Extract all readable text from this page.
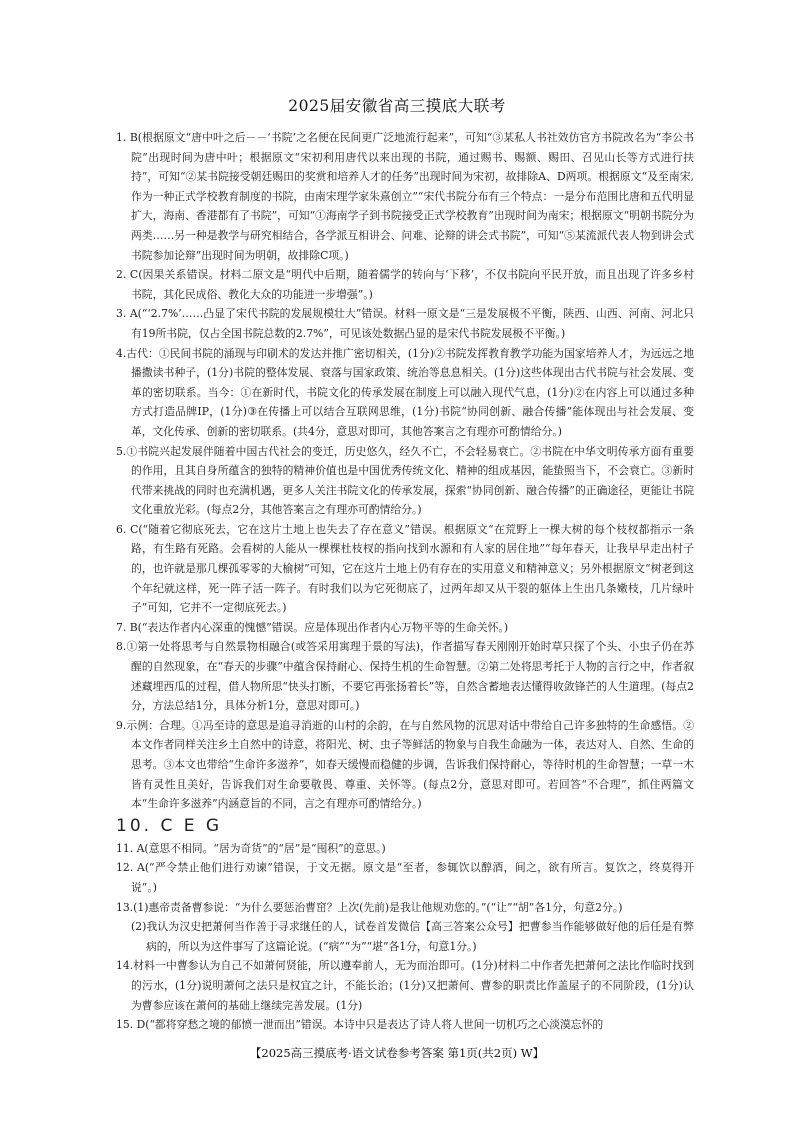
2025届安徽省高三摸底大联考

1. B(根据原文“唐中叶之后－－‘书院’之名便在民间更广泛地流行起来”，可知“③某私人书社效仿官方书院改名为“李公书院”出现时间为唐中叶；根据原文“宋初利用唐代以来出现的书院，通过赐书、赐额、赐田、召见山长等方式进行扶持”，可知“②某书院接受朝廷赐田的奖赏和培养人才的任务”出现时间为宋初，故排除A、D两项。根据原文“及至南宋,作为一种正式学校教育制度的书院，由南宋理学家朱熹创立”“宋代书院分布有三个特点：一是分布范围比唐和五代明显扩大，海南、香港都有了书院”，可知“①海南学子到书院接受正式学校教育”出现时间为南宋；根据原文“明朝书院分为两类……另一种是教学与研究相结合，各学派互相讲会、问难、论辩的讲会式书院”，可知“⑤某流派代表人物到讲会式书院参加论辩”出现时间为明朝，故排除C项。)

2. C(因果关系错误。材料二原文是“明代中后期，随着儒学的转向与‘下移’，不仅书院向平民开放，而且出现了许多乡村书院，其化民成俗、教化大众的功能进一步增强”。)

3. A(“‘2.7%’……凸显了宋代书院的发展规模壮大”错误。材料一原文是“三是发展极不平衡，陕西、山西、河南、河北只有19所书院，仅占全国书院总数的2.7%”，可见该处数据凸显的是宋代书院发展极不平衡。)

4.古代：①民间书院的涌现与印刷术的发达并推广密切相关，(1分)②书院发挥教育教学功能为国家培养人才，为远远之地播撒读书种子，(1分)书院的整体发展、衰落与国家政策、统治等息息相关。(1分)这些体现出古代书院与社会发展、变革的密切联系。当今：①在新时代，书院文化的传承发展在制度上可以融入现代气息，(1分)②在内容上可以通过多种方式打造品牌IP，(1分)③在传播上可以结合互联网思维，(1分)书院“协同创新、融合传播”能体现出与社会发展、变革，文化传承、创新的密切联系。(共4分，意思对即可，其他答案言之有理亦可酌情给分。)

5.①书院兴起发展伴随着中国古代社会的变迁，历史悠久，经久不亡，不会轻易衰亡。②书院在中华文明传承方面有重要的作用，且其自身所蕴含的独特的精神价值也是中国优秀传统文化、精神的组成基因，能蛰照当下，不会衰亡。③新时代带来挑战的同时也充满机遇，更多人关注书院文化的传承发展，探索“协同创新、融合传播”的正确途径，更能让书院文化重放光彩。(每点2分，其他答案言之有理亦可酌情给分。)

6. C(“随着它彻底死去，它在这片土地上也失去了存在意义”错误。根据原文“在荒野上一棵大树的每个枝杈都指示一条路，有生路有死路。会看树的人能从一棵棵杜枝杈的指向找到水源和有人家的居住地”“每年春天，让我早早走出村子的，也许就是那几棵孤零零的大榆树”可知，它在这片土地上仍有存在的实用意义和精神意义；另外根据原文“树老到这个年纪就这样，死一阵子活一阵子。有时我们以为它死彻底了，过两年却又从干裂的躯体上生出几条嫩枝，几片绿叶子”可知，它并不一定彻底死去。)

7. B(“表达作者内心深重的愧憾”错误。应是体现出作者内心万物平等的生命关怀。)

8.①第一处将思考与自然景物相融合(或答采用寓理于景的写法)，作者描写春天刚刚开始时草只探了个头、小虫子仍在苏醒的自然现象，在“春天的步骤”中蕴含保持耐心、保持生机的生命智慧。②第二处将思考托于人物的言行之中，作者叙述藏埋西瓜的过程，借人物所思“快头打断，不要它再张扬着长”等，自然含蓄地表达懂得收敛锋芒的人生道理。(每点2分，方法总结1分，具体分析1分，意思对即可。)

9.示例：合理。①冯至诗的意思是追寻消逝的山村的余韵，在与自然风物的沉思对话中带给自己许多独特的生命感悟。②本文作者同样关注乡土自然中的诗意，将阳光、树、虫子等鲜活的物象与自我生命融为一体，表达对人、自然、生命的思考。③本文也带给“生命许多滋养”，如春天缓慢而稳健的步调，告诉我们保持耐心，等待时机的生命智慧；一草一木皆有灵性且美好，告诉我们对生命要敬畏、尊重、关怀等。(每点2分，意思对即可。若回答“不合理”，抓住两篇文本“生命许多滋养”内涵意旨的不同，言之有理亦可酌情给分。)

10. C E G

11. A(意思不相同。“居为奇货”的“居”是“囤积”的意思。)

12. A(“严令禁止他们进行劝谏”错误，于文无据。原文是“至者，参辄饮以醇酒，间之，欲有所言。复饮之，终莫得开说”。)

13.(1)惠帝责备曹参说：“为什么要惩治曹窋？上次(先前)是我让他规劝您的。”(“让”“胡”各1分，句意2分。)

(2)我认为汉史把萧何当作善于寻求继任的人，试卷首发微信【高三答案公众号】把曹参当作能够做好他的后任是有弊病的，所以为这件事写了这篇论说。(“病”“为”“堪”各1分，句意1分。)

14.材料一中曹参认为自己不如萧何贤能，所以遵奉前人，无为而治即可。(1分)材料二中作者先把萧何之法比作临时找到的污水，(1分)说明萧何之法只是权宜之计，不能长治；(1分)又把萧何、曹参的职责比作盖屋子的不同阶段，(1分)认为曹参应该在萧何的基础上继续完善发展。(1分)

15. D(“都将穿愁之境的郁愤一泄而出”错误。本诗中只是表达了诗人将人世间一切机巧之心淡漠忘怀的

【2025高三摸底考·语文试卷参考答案 第1页(共2页) W】
